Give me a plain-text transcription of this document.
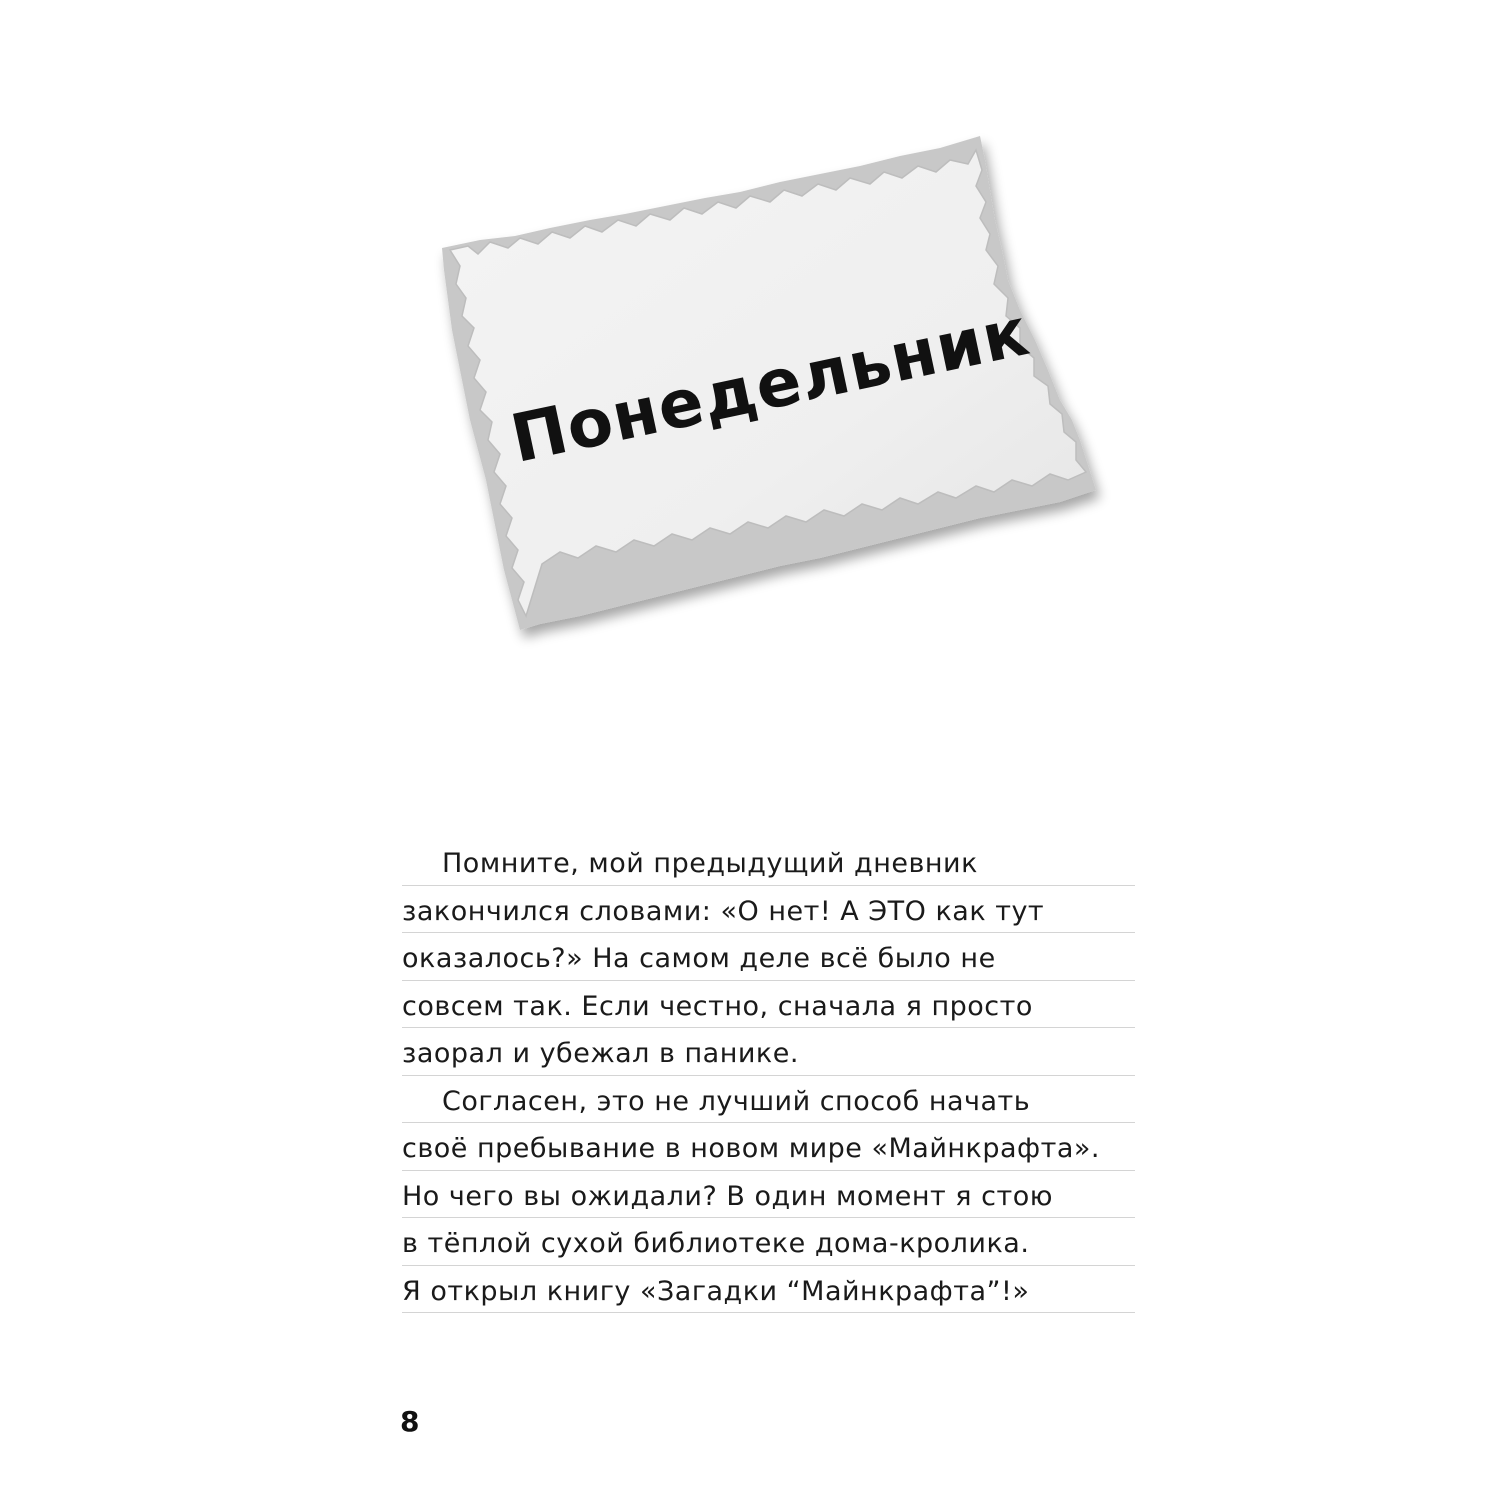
Понедельник
Помните, мой предыдущий дневник
закончился словами: «О нет! А ЭТО как тут
оказалось?» На самом деле всё было не
совсем так. Если честно, сначала я просто
заорал и убежал в панике.
Согласен, это не лучший способ начать
своё пребывание в новом мире «Майнкрафта».
Но чего вы ожидали? В один момент я стою
в тёплой сухой библиотеке дома-кролика.
Я открыл книгу «Загадки “Майнкрафта”!»
8
